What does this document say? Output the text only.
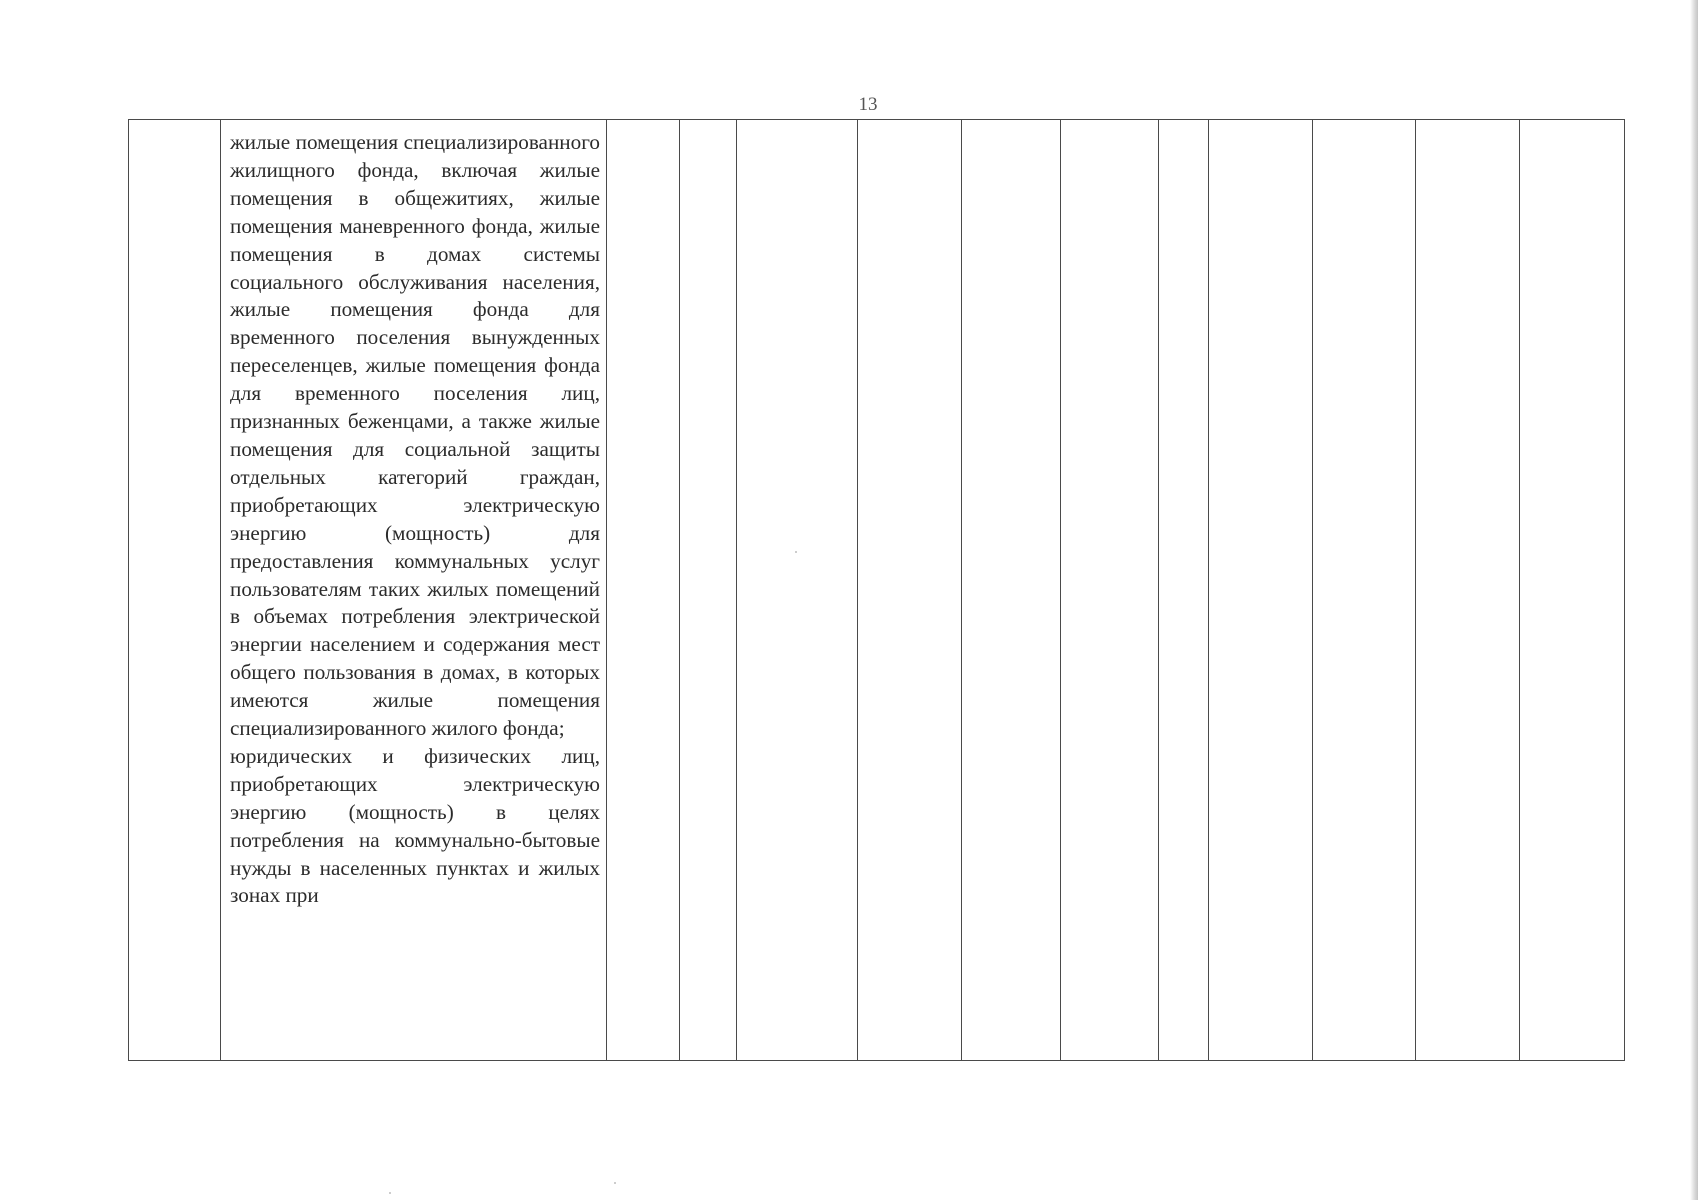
13

жилые помещения специализированного жилищного фонда, включая жилые помещения в общежитиях, жилые помещения маневренного фонда, жилые помещения в домах системы социального обслуживания населения, жилые помещения фонда для временного поселения вынужденных переселенцев, жилые помещения фонда для временного поселения лиц, признанных беженцами, а также жилые помещения для социальной защиты отдельных категорий граждан, приобретающих электрическую энергию (мощность) для предоставления коммунальных услуг пользователям таких жилых помещений в объемах потребления электрической энергии населением и содержания мест общего пользования в домах, в которых имеются жилые помещения специализированного жилого фонда;

юридических и физических лиц, приобретающих электрическую энергию (мощность) в целях потребления на коммунально-бытовые нужды в населенных пунктах и жилых зонах при
